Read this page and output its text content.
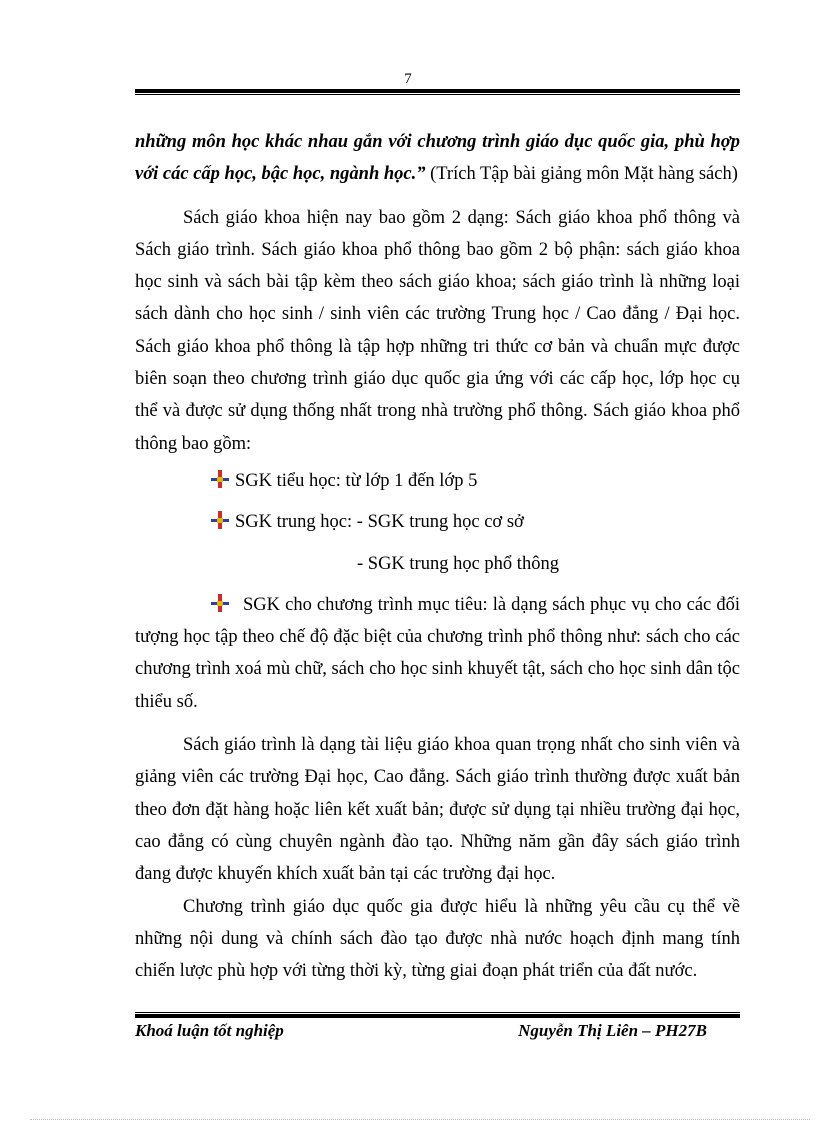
7

những môn học khác nhau gắn với chương trình giáo dục quốc gia, phù hợp với các cấp học, bậc học, ngành học.” (Trích Tập bài giảng môn Mặt hàng sách)

Sách giáo khoa hiện nay bao gồm 2 dạng: Sách giáo khoa phổ thông và Sách giáo trình. Sách giáo khoa phổ thông bao gồm 2 bộ phận: sách giáo khoa học sinh và sách bài tập kèm theo sách giáo khoa; sách giáo trình là những loại sách dành cho học sinh / sinh viên các trường Trung học / Cao đẳng / Đại học. Sách giáo khoa phổ thông là tập hợp những tri thức cơ bản và chuẩn mực được biên soạn theo chương trình giáo dục quốc gia ứng với các cấp học, lớp học cụ thể và được sử dụng thống nhất trong nhà trường phổ thông. Sách giáo khoa phổ thông bao gồm:

SGK tiểu học: từ lớp 1 đến lớp 5

SGK trung học: - SGK trung học cơ sở

- SGK trung học phổ thông

SGK cho chương trình mục tiêu: là dạng sách phục vụ cho các đối tượng học tập theo chế độ đặc biệt của chương trình phổ thông như: sách cho các chương trình xoá mù chữ, sách cho học sinh khuyết tật, sách cho học sinh dân tộc thiểu số.

Sách giáo trình là dạng tài liệu giáo khoa quan trọng nhất cho sinh viên và giảng viên các trường Đại học, Cao đẳng. Sách giáo trình thường được xuất bản theo đơn đặt hàng hoặc liên kết xuất bản; được sử dụng tại nhiều trường đại học, cao đẳng có cùng chuyên ngành đào tạo. Những năm gần đây sách giáo trình đang được khuyến khích xuất bản tại các trường đại học.

Chương trình giáo dục quốc gia được hiểu là những yêu cầu cụ thể về những nội dung và chính sách đào tạo được nhà nước hoạch định mang tính chiến lược phù hợp với từng thời kỳ, từng giai đoạn phát triển của đất nước.

Khoá luận tốt nghiệp	Nguyễn Thị Liên – PH27B
